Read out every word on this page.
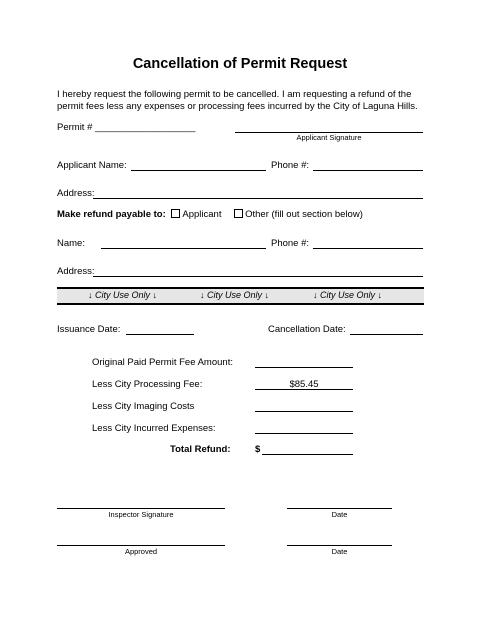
Cancellation of Permit Request
I hereby request the following permit to be cancelled. I am requesting a refund of the permit fees less any expenses or processing fees incurred by the City of Laguna Hills.
Permit # ___________________
Applicant Signature
Applicant Name:	Phone #:
Address:
Make refund payable to: Applicant Other (fill out section below)
Name:	Phone #:
Address:
↓ City Use Only ↓	↓ City Use Only ↓	↓ City Use Only ↓
Issuance Date:	Cancellation Date:
Original Paid Permit Fee Amount:
Less City Processing Fee:	$85.45
Less City Imaging Costs
Less City Incurred Expenses:
Total Refund:	$
Inspector Signature	Date
Approved	Date
